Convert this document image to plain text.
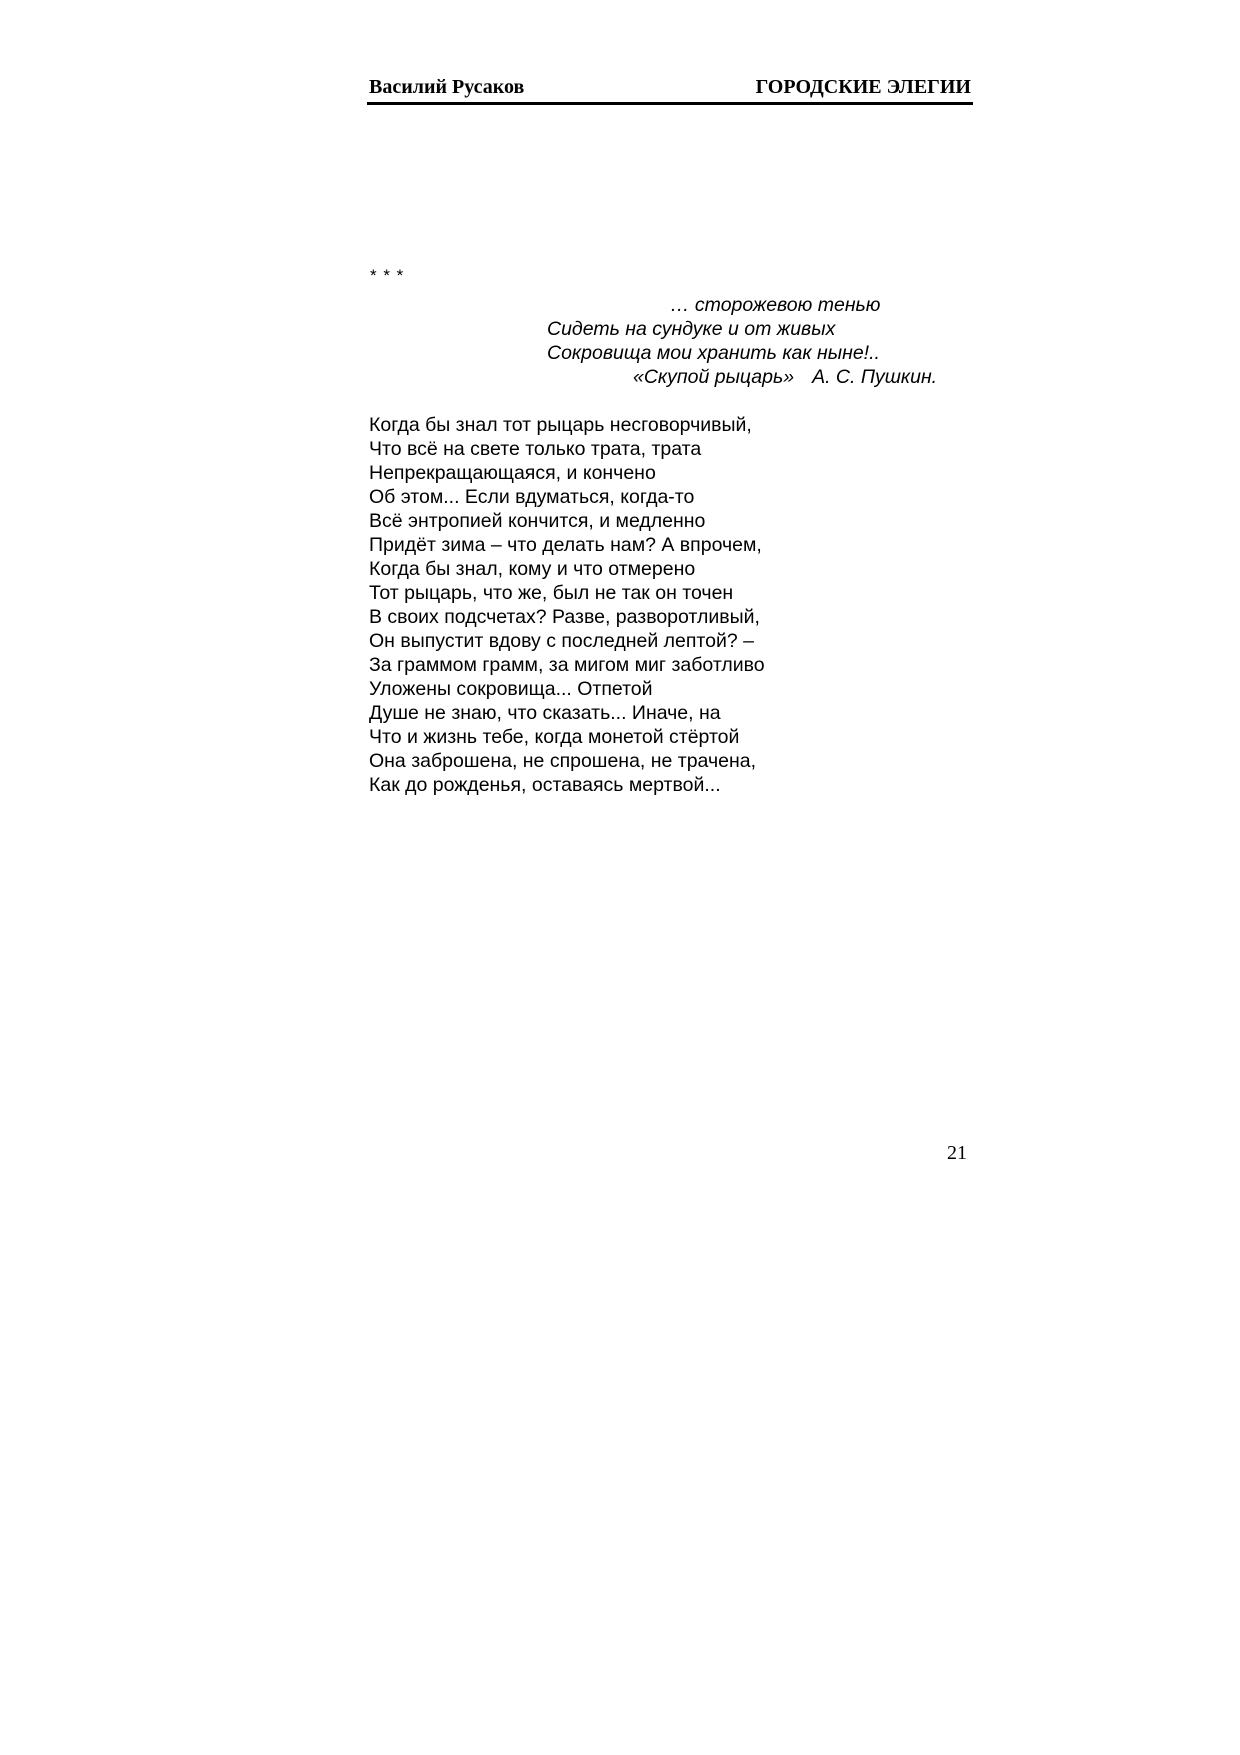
Василий Русаков	ГОРОДСКИЕ ЭЛЕГИИ
* * *
… сторожевою тенью
Сидеть на сундуке и от живых
Сокровища мои хранить как ныне!..
«Скупой рыцарь» А. С. Пушкин.
Когда бы знал тот рыцарь несговорчивый,
Что всё на свете только трата, трата
Непрекращающаяся, и кончено
Об этом... Если вдуматься, когда-то
Всё энтропией кончится, и медленно
Придёт зима – что делать нам? А впрочем,
Когда бы знал, кому и что отмерено
Тот рыцарь, что же, был не так он точен
В своих подсчетах? Разве, разворотливый,
Он выпустит вдову с последней лептой? –
За граммом грамм, за мигом миг заботливо
Уложены сокровища... Отпетой
Душе не знаю, что сказать... Иначе, на
Что и жизнь тебе, когда монетой стёртой
Она заброшена, не спрошена, не трачена,
Как до рожденья, оставаясь мертвой...
21
